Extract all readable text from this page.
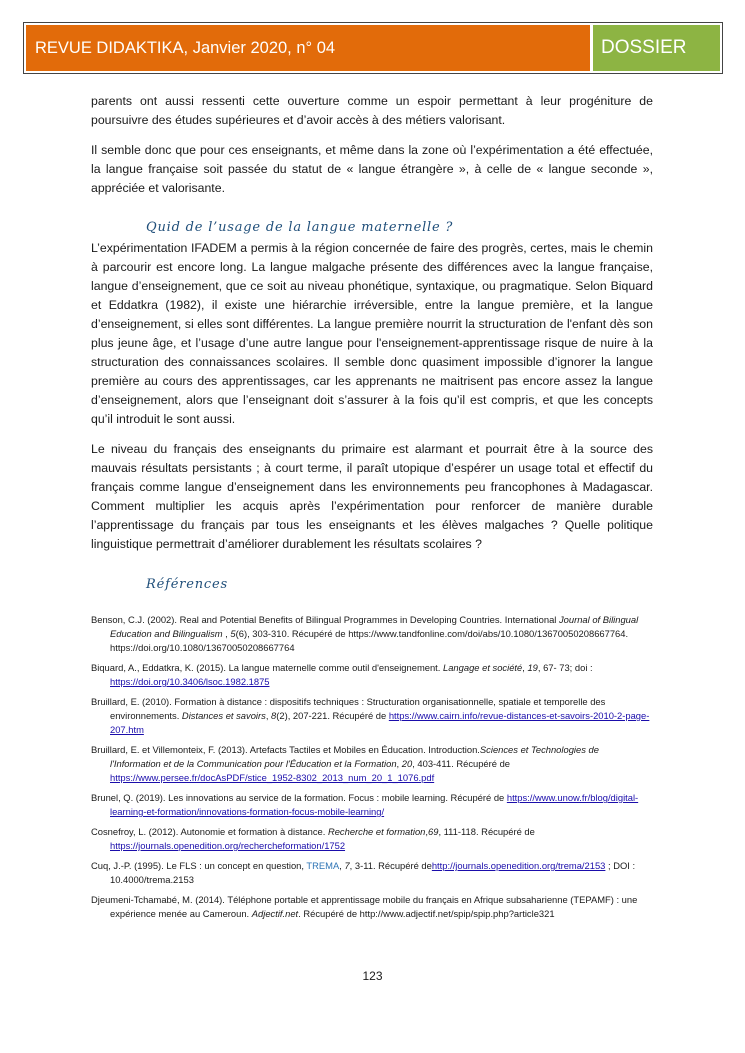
REVUE DIDAKTIKA, Janvier 2020, n° 04	DOSSIER

parents ont aussi ressenti cette ouverture comme un espoir permettant à leur progéniture de poursuivre des études supérieures et d’avoir accès à des métiers valorisant.

Il semble donc que pour ces enseignants, et même dans la zone où l’expérimentation a été effectuée, la langue française soit passée du statut de « langue étrangère », à celle de « langue seconde », appréciée et valorisante.

Quid de l’usage de la langue maternelle ?

L’expérimentation IFADEM a permis à la région concernée de faire des progrès, certes, mais le chemin à parcourir est encore long. La langue malgache présente des différences avec la langue française, langue d’enseignement, que ce soit au niveau phonétique, syntaxique, ou pragmatique. Selon Biquard et Eddatkra (1982), il existe une hiérarchie irréversible, entre la langue première, et la langue d’enseignement, si elles sont différentes. La langue première nourrit la structuration de l'enfant dès son plus jeune âge, et l’usage d’une autre langue pour l'enseignement-apprentissage risque de nuire à la structuration des connaissances scolaires. Il semble donc quasiment impossible d’ignorer la langue première au cours des apprentissages, car les apprenants ne maitrisent pas encore assez la langue d’enseignement, alors que l’enseignant doit s’assurer à la fois qu’il est compris, et que les concepts qu’il introduit le sont aussi.

Le niveau du français des enseignants du primaire est alarmant et pourrait être à la source des mauvais résultats persistants ; à court terme, il paraît utopique d’espérer un usage total et effectif du français comme langue d’enseignement dans les environnements peu francophones à Madagascar. Comment multiplier les acquis après l’expérimentation pour renforcer de manière durable l’apprentissage du français par tous les enseignants et les élèves malgaches ? Quelle politique linguistique permettrait d’améliorer durablement les résultats scolaires ?

Références
Benson, C.J. (2002). Real and Potential Benefits of Bilingual Programmes in Developing Countries. International Journal of Bilingual Education and Bilingualism , 5(6), 303-310. Récupéré de https://www.tandfonline.com/doi/abs/10.1080/13670050208667764. https://doi.org/10.1080/13670050208667764
Biquard, A., Eddatkra, K. (2015). La langue maternelle comme outil d'enseignement. Langage et société, 19, 67- 73; doi : https://doi.org/10.3406/lsoc.1982.1875
Bruillard, E. (2010). Formation à distance : dispositifs techniques : Structuration organisationnelle, spatiale et temporelle des environnements. Distances et savoirs, 8(2), 207-221. Récupéré de https://www.cairn.info/revue-distances-et-savoirs-2010-2-page-207.htm
Bruillard, E. et Villemonteix, F. (2013). Artefacts Tactiles et Mobiles en Éducation. Introduction.Sciences et Technologies de l'Information et de la Communication pour l'Éducation et la Formation, 20, 403-411. Récupéré de https://www.persee.fr/docAsPDF/stice_1952-8302_2013_num_20_1_1076.pdf
Brunel, Q. (2019). Les innovations au service de la formation. Focus : mobile learning. Récupéré de https://www.unow.fr/blog/digital-learning-et-formation/innovations-formation-focus-mobile-learning/
Cosnefroy, L. (2012). Autonomie et formation à distance. Recherche et formation,69, 111-118. Récupéré de https://journals.openedition.org/rechercheformation/1752
Cuq, J.-P. (1995). Le FLS : un concept en question, TREMA, 7, 3-11. Récupéré dehttp://journals.openedition.org/trema/2153 ; DOI : 10.4000/trema.2153
Djeumeni-Tchamabé, M. (2014). Téléphone portable et apprentissage mobile du français en Afrique subsaharienne (TEPAMF) : une expérience menée au Cameroun. Adjectif.net. Récupéré de http://www.adjectif.net/spip/spip.php?article321
123
